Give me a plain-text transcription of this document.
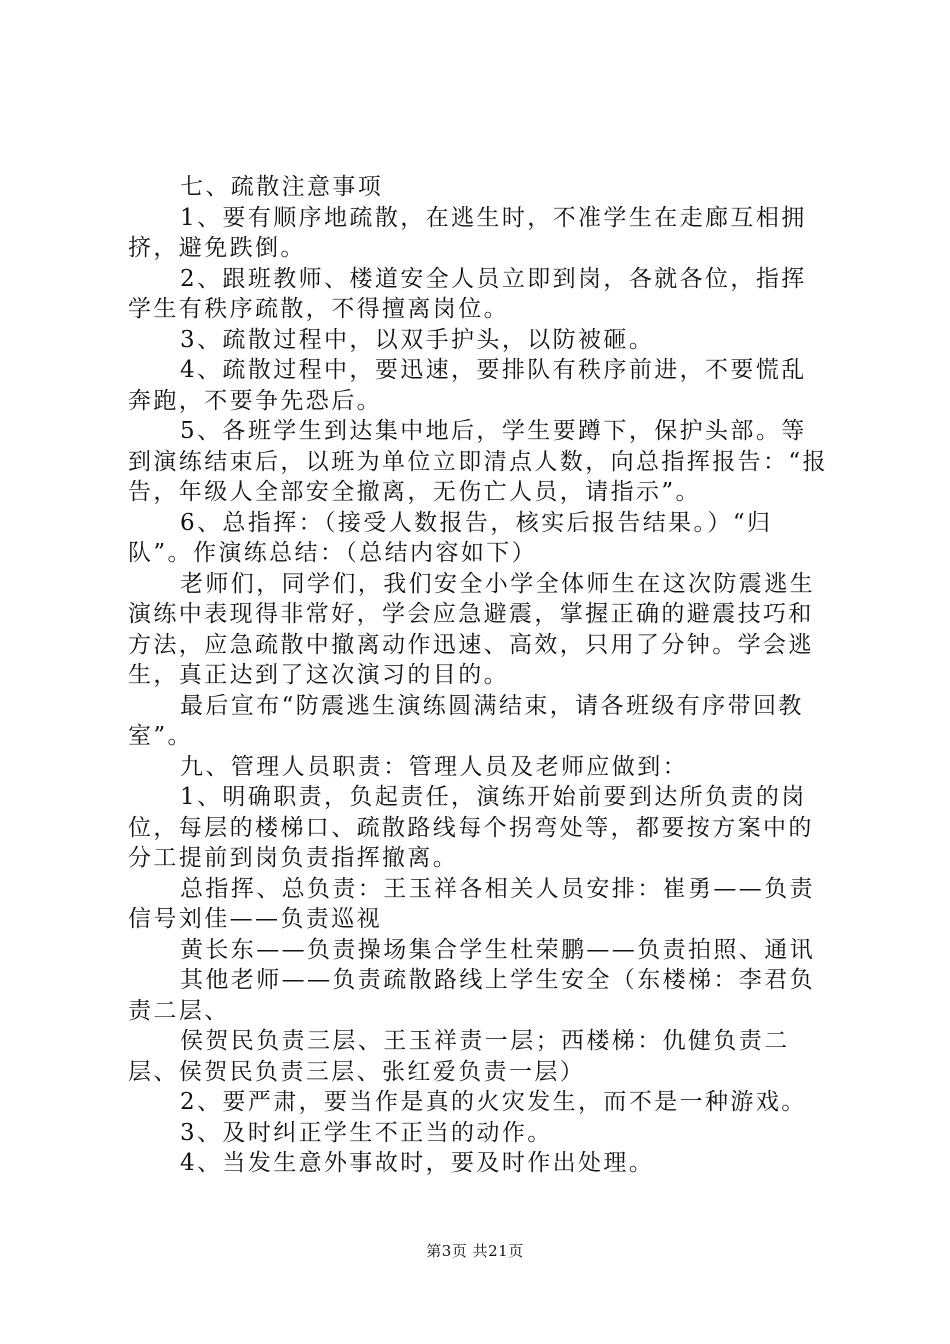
七、疏散注意事项

1、要有顺序地疏散，在逃生时，不准学生在走廊互相拥挤，避免跌倒。

2、跟班教师、楼道安全人员立即到岗，各就各位，指挥学生有秩序疏散，不得擅离岗位。

3、疏散过程中，以双手护头，以防被砸。

4、疏散过程中，要迅速，要排队有秩序前进，不要慌乱奔跑，不要争先恐后。

5、各班学生到达集中地后，学生要蹲下，保护头部。等到演练结束后，以班为单位立即清点人数，向总指挥报告：“报告，年级人全部安全撤离，无伤亡人员，请指示”。

6、总指挥：（接受人数报告，核实后报告结果。）“归队”。作演练总结：（总结内容如下）

老师们，同学们，我们安全小学全体师生在这次防震逃生演练中表现得非常好，学会应急避震，掌握正确的避震技巧和方法，应急疏散中撤离动作迅速、高效，只用了分钟。学会逃生，真正达到了这次演习的目的。

最后宣布“防震逃生演练圆满结束，请各班级有序带回教室”。

九、管理人员职责：管理人员及老师应做到：

1、明确职责，负起责任，演练开始前要到达所负责的岗位，每层的楼梯口、疏散路线每个拐弯处等，都要按方案中的分工提前到岗负责指挥撤离。

总指挥、总负责：王玉祥各相关人员安排：崔勇——负责信号刘佳——负责巡视

黄长东——负责操场集合学生杜荣鹏——负责拍照、通讯

其他老师——负责疏散路线上学生安全（东楼梯：李君负责二层、

侯贺民负责三层、王玉祥责一层；西楼梯：仇健负责二层、侯贺民负责三层、张红爱负责一层）

2、要严肃，要当作是真的火灾发生，而不是一种游戏。

3、及时纠正学生不正当的动作。

4、当发生意外事故时，要及时作出处理。

第3页 共21页
